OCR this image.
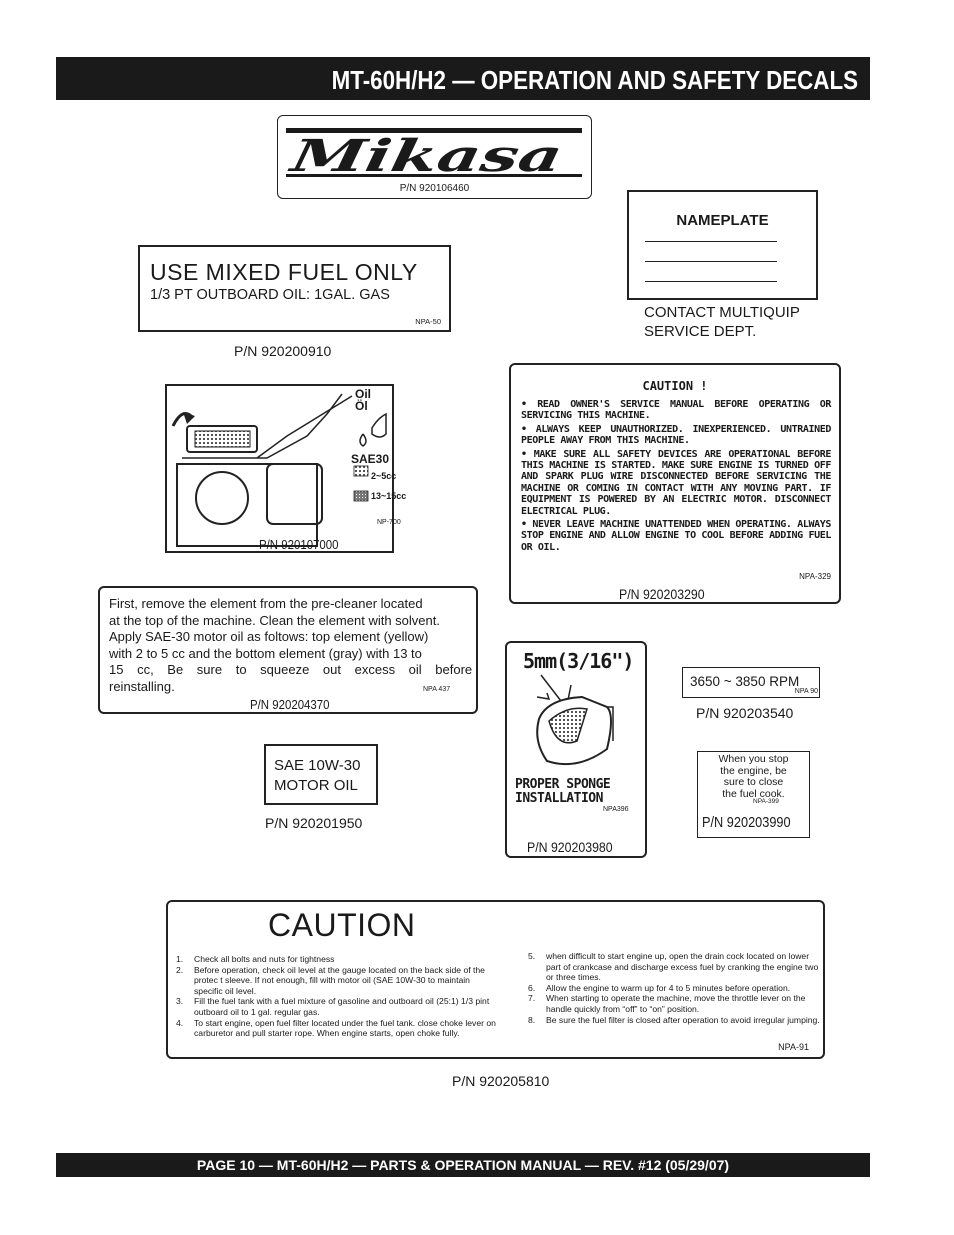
MT-60H/H2 — OPERATION AND SAFETY DECALS
Mikasa
P/N 920106460
NAMEPLATE
CONTACT MULTIQUIP
SERVICE DEPT.
USE MIXED FUEL ONLY
1/3 PT OUTBOARD OIL: 1GAL. GAS
NPA-50
P/N 920200910
Oil
Öl
SAE30
2~5cc
13~15cc
NP-700
P/N 920107000
CAUTION !
• READ OWNER'S SERVICE MANUAL BEFORE OPERATING OR SERVICING THIS MACHINE.
• ALWAYS KEEP UNAUTHORIZED. INEXPERIENCED. UNTRAINED PEOPLE AWAY FROM THIS MACHINE.
• MAKE SURE ALL SAFETY DEVICES ARE OPERATIONAL BEFORE THIS MACHINE IS STARTED. MAKE SURE ENGINE IS TURNED OFF AND SPARK PLUG WIRE DISCONNECTED BEFORE SERVICING THE MACHINE OR COMING IN CONTACT WITH ANY MOVING PART. IF EQUIPMENT IS POWERED BY AN ELECTRIC MOTOR. DISCONNECT ELECTRICAL PLUG.
• NEVER LEAVE MACHINE UNATTENDED WHEN OPERATING. ALWAYS STOP ENGINE AND ALLOW ENGINE TO COOL BEFORE ADDING FUEL OR OIL.
NPA-329
P/N 920203290
First, remove the element from the pre-cleaner located
at the top of the machine. Clean the element with solvent.
Apply SAE-30 motor oil as foltows: top element (yellow)
with 2 to 5 cc and the bottom element (gray) with 13 to
15 cc, Be sure to squeeze out excess oil before
reinstalling.	NPA 437
P/N 920204370
5mm(3/16")
PROPER SPONGE
INSTALLATION
NPA396
P/N 920203980
3650 ~ 3850 RPM
NPA 90
P/N 920203540
When you stop
the engine, be
sure to close
the fuel cook.
NPA-399
P/N 920203990
SAE 10W-30
MOTOR OIL
P/N 920201950
CAUTION
1. Check all bolts and nuts for tightness
2. Before operation, check oil level at the gauge located on the back side of the protec t sleeve. If not enough, fill with motor oil (SAE 10W-30 to maintain specific oil level.
3. Fill the fuel tank with a fuel mixture of gasoline and outboard oil (25:1) 1/3 pint outboard oil to 1 gal. regular gas.
4. To start engine, open fuel filter located under the fuel tank. close choke lever on carburetor and pull starter rope. When engine starts, open choke fully.
5. when difficult to start engine up, open the drain cock located on lower part of crankcase and discharge excess fuel by cranking the engine two or three times.
6. Allow the engine to warm up for 4 to 5 minutes before operation.
7. When starting to operate the machine, move the throttle lever on the handle quickly from “off” to “on” position.
8. Be sure the fuel filter is closed after operation to avoid irregular jumping.
NPA-91
P/N 920205810
PAGE 10 — MT-60H/H2 — PARTS & OPERATION MANUAL — REV. #12 (05/29/07)
